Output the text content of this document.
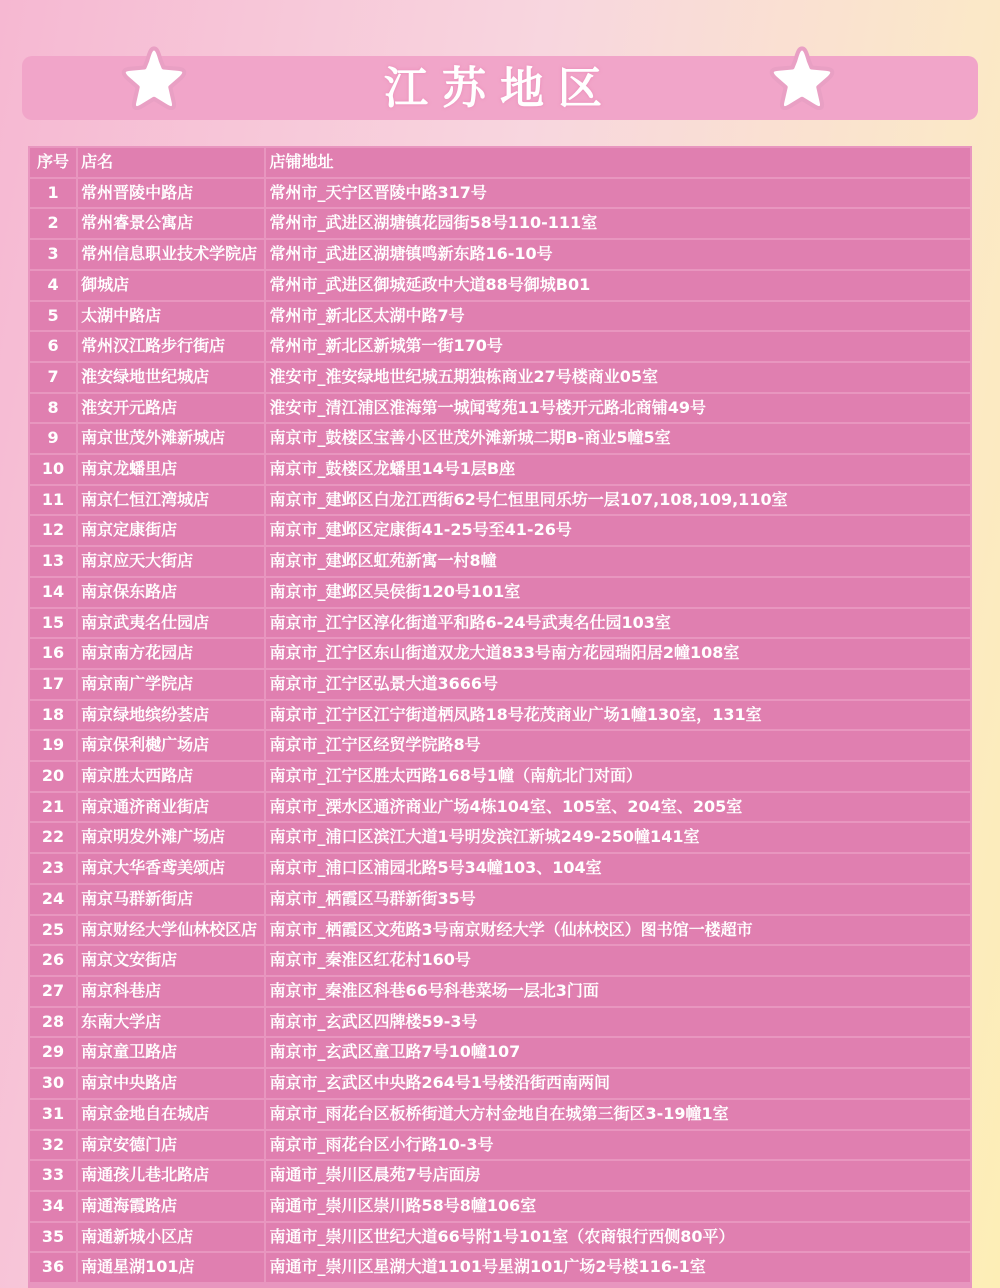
江苏地区
序号	店名	店铺地址
1	常州晋陵中路店	常州市_天宁区晋陵中路317号
2	常州睿景公寓店	常州市_武进区湖塘镇花园街58号110-111室
3	常州信息职业技术学院店	常州市_武进区湖塘镇鸣新东路16-10号
4	御城店	常州市_武进区御城延政中大道88号御城B01
5	太湖中路店	常州市_新北区太湖中路7号
6	常州汉江路步行街店	常州市_新北区新城第一街170号
7	淮安绿地世纪城店	淮安市_淮安绿地世纪城五期独栋商业27号楼商业05室
8	淮安开元路店	淮安市_清江浦区淮海第一城闻莺苑11号楼开元路北商铺49号
9	南京世茂外滩新城店	南京市_鼓楼区宝善小区世茂外滩新城二期B-商业5幢5室
10	南京龙蟠里店	南京市_鼓楼区龙蟠里14号1层B座
11	南京仁恒江湾城店	南京市_建邺区白龙江西街62号仁恒里同乐坊一层107,108,109,110室
12	南京定康街店	南京市_建邺区定康街41-25号至41-26号
13	南京应天大街店	南京市_建邺区虹苑新寓一村8幢
14	南京保东路店	南京市_建邺区吴侯街120号101室
15	南京武夷名仕园店	南京市_江宁区淳化街道平和路6-24号武夷名仕园103室
16	南京南方花园店	南京市_江宁区东山街道双龙大道833号南方花园瑞阳居2幢108室
17	南京南广学院店	南京市_江宁区弘景大道3666号
18	南京绿地缤纷荟店	南京市_江宁区江宁街道栖凤路18号花茂商业广场1幢130室，131室
19	南京保利樾广场店	南京市_江宁区经贸学院路8号
20	南京胜太西路店	南京市_江宁区胜太西路168号1幢（南航北门对面）
21	南京通济商业街店	南京市_溧水区通济商业广场4栋104室、105室、204室、205室
22	南京明发外滩广场店	南京市_浦口区滨江大道1号明发滨江新城249-250幢141室
23	南京大华香鸢美颂店	南京市_浦口区浦园北路5号34幢103、104室
24	南京马群新街店	南京市_栖霞区马群新街35号
25	南京财经大学仙林校区店	南京市_栖霞区文苑路3号南京财经大学（仙林校区）图书馆一楼超市
26	南京文安街店	南京市_秦淮区红花村160号
27	南京科巷店	南京市_秦淮区科巷66号科巷菜场一层北3门面
28	东南大学店	南京市_玄武区四牌楼59-3号
29	南京童卫路店	南京市_玄武区童卫路7号10幢107
30	南京中央路店	南京市_玄武区中央路264号1号楼沿街西南两间
31	南京金地自在城店	南京市_雨花台区板桥街道大方村金地自在城第三街区3-19幢1室
32	南京安德门店	南京市_雨花台区小行路10-3号
33	南通孩儿巷北路店	南通市_崇川区晨苑7号店面房
34	南通海霞路店	南通市_崇川区崇川路58号8幢106室
35	南通新城小区店	南通市_崇川区世纪大道66号附1号101室（农商银行西侧80平）
36	南通星湖101店	南通市_崇川区星湖大道1101号星湖101广场2号楼116-1室
